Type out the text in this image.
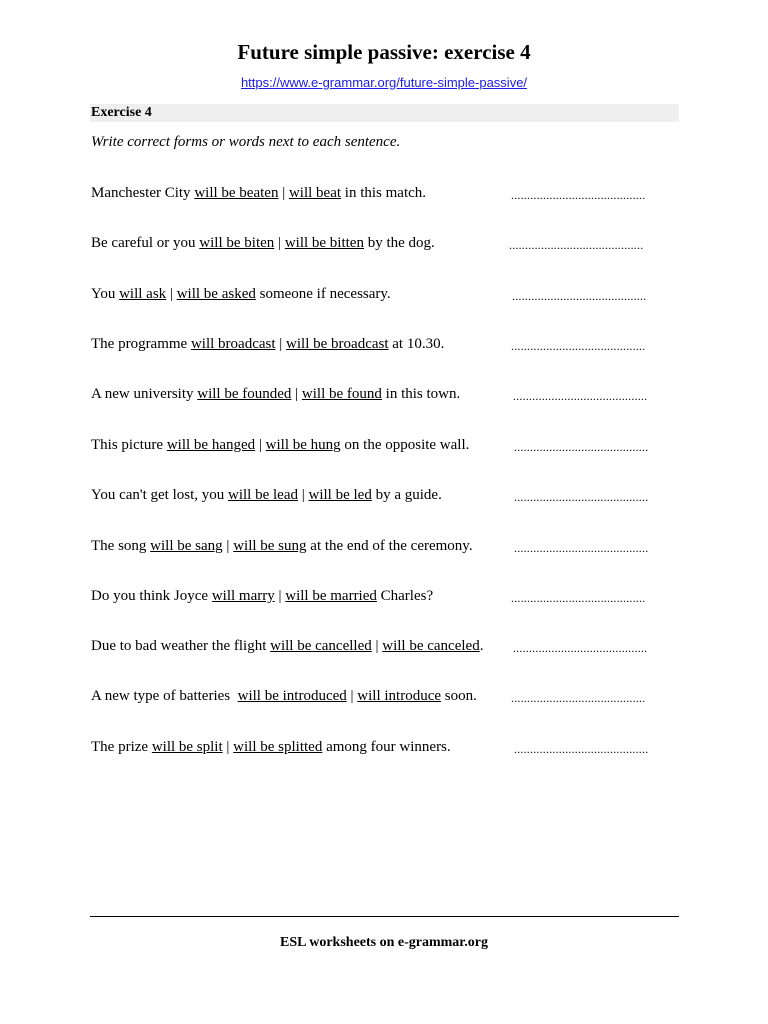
Future simple passive: exercise 4
https://www.e-grammar.org/future-simple-passive/
Exercise 4
Write correct forms or words next to each sentence.
Manchester City will be beaten | will beat in this match.	..........................................
Be careful or you will be biten | will be bitten by the dog.	..........................................
You will ask | will be asked someone if necessary.	..........................................
The programme will broadcast | will be broadcast at 10.30.	..........................................
A new university will be founded | will be found in this town.	..........................................
This picture will be hanged | will be hung on the opposite wall.	..........................................
You can't get lost, you will be lead | will be led by a guide.	..........................................
The song will be sang | will be sung at the end of the ceremony.	..........................................
Do you think Joyce will marry | will be married Charles?	..........................................
Due to bad weather the flight will be cancelled | will be canceled. ..........................................
A new type of batteries  will be introduced | will introduce soon.	..........................................
The prize will be split | will be splitted among four winners.	..........................................
ESL worksheets on e-grammar.org
